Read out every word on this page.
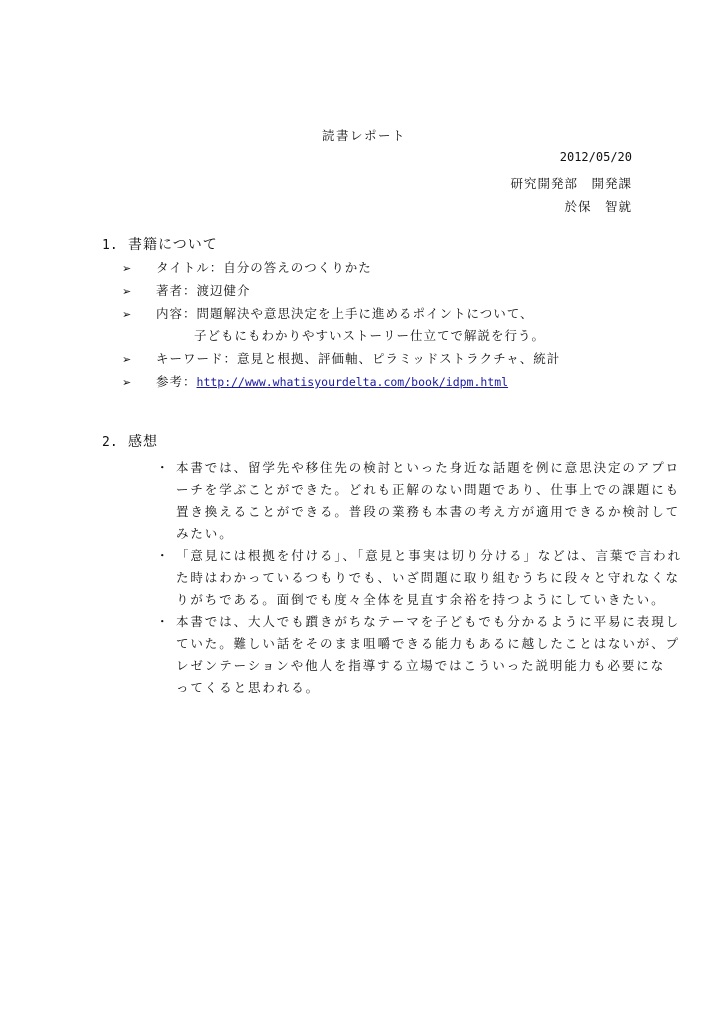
読書レポート
2012/05/20
研究開発部　開発課
於保　智就
1. 書籍について
➢ タイトル：自分の答えのつくりかた
➢ 著者：渡辺健介
➢ 内容：問題解決や意思決定を上手に進めるポイントについて、
子どもにもわかりやすいストーリー仕立てで解説を行う。
➢ キーワード：意見と根拠、評価軸、ピラミッドストラクチャ、統計
➢ 参考：http://www.whatisyourdelta.com/book/idpm.html
2. 感想
・ 本書では、留学先や移住先の検討といった身近な話題を例に意思決定のアプロ
ーチを学ぶことができた。どれも正解のない問題であり、仕事上での課題にも
置き換えることができる。普段の業務も本書の考え方が適用できるか検討して
みたい。
・ 「意見には根拠を付ける」、「意見と事実は切り分ける」などは、言葉で言われ
た時はわかっているつもりでも、いざ問題に取り組むうちに段々と守れなくな
りがちである。面倒でも度々全体を見直す余裕を持つようにしていきたい。
・ 本書では、大人でも躓きがちなテーマを子どもでも分かるように平易に表現し
ていた。難しい話をそのまま咀嚼できる能力もあるに越したことはないが、プ
レゼンテーションや他人を指導する立場ではこういった説明能力も必要にな
ってくると思われる。
